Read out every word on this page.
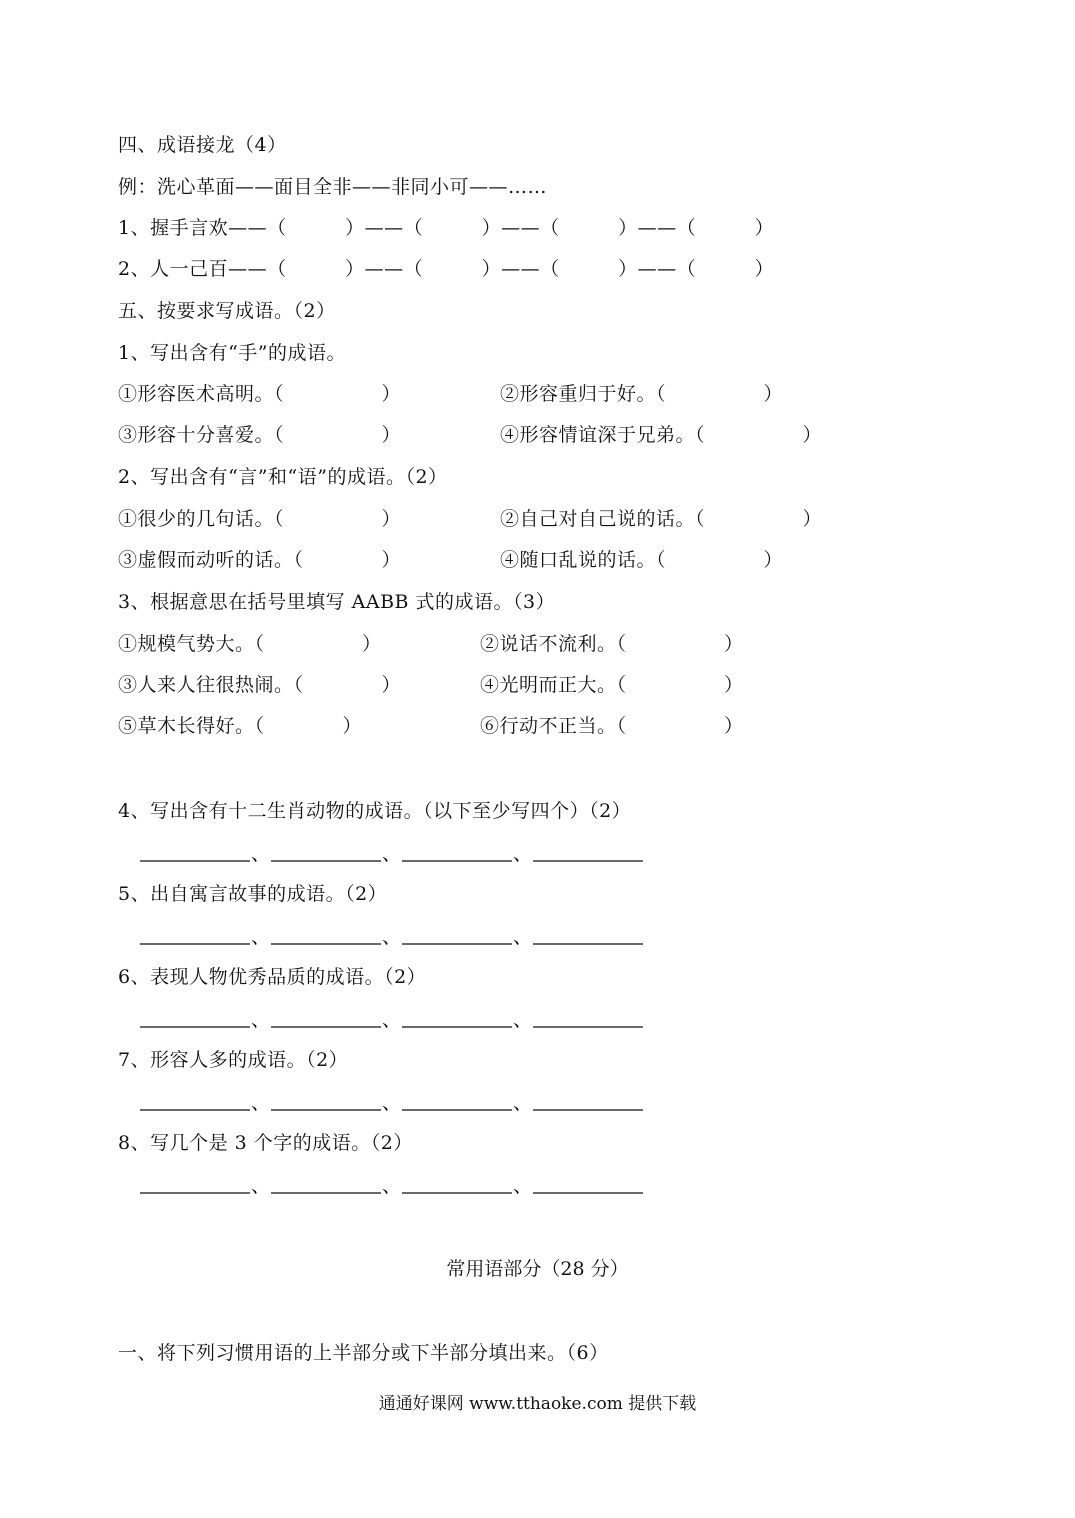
四、成语接龙（4）
例：洗心革面——面目全非——非同小可——……
1、握手言欢——（　　　）——（　　　）——（　　　）——（　　　）
2、人一己百——（　　　）——（　　　）——（　　　）——（　　　）
五、按要求写成语。（2）
1、写出含有“手”的成语。
①形容医术高明。（　　　　　）	②形容重归于好。（　　　　　）
③形容十分喜爱。（　　　　　）	④形容情谊深于兄弟。（　　　　　）
2、写出含有“言”和“语”的成语。（2）
①很少的几句话。（　　　　　）	②自己对自己说的话。（　　　　　）
③虚假而动听的话。（　　　　）	④随口乱说的话。（　　　　　）
3、根据意思在括号里填写 AABB 式的成语。（3）
①规模气势大。（　　　　　）	②说话不流利。（　　　　　）
③人来人往很热闹。（　　　　）	④光明而正大。（　　　　　）
⑤草木长得好。（　　　　）	⑥行动不正当。（　　　　　）
4、写出含有十二生肖动物的成语。（以下至少写四个）（2）
、	、	、
5、出自寓言故事的成语。（2）
、	、	、
6、表现人物优秀品质的成语。（2）
、	、	、
7、形容人多的成语。（2）
、	、	、
8、写几个是 3 个字的成语。（2）
、	、	、
常用语部分（28 分）
一、将下列习惯用语的上半部分或下半部分填出来。（6）
通通好课网 www.tthaoke.com 提供下载
